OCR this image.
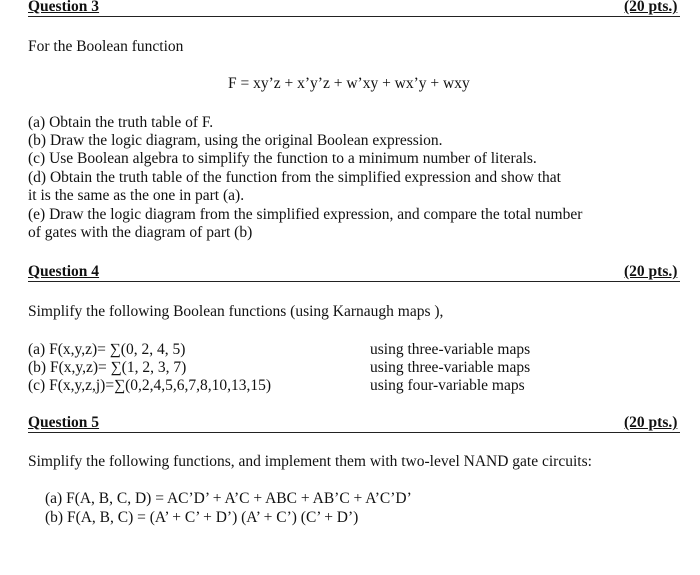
Question 3	(20 pts.)
For the Boolean function
F = xy’z + x’y’z + w’xy + wx’y + wxy
(a) Obtain the truth table of F.
(b) Draw the logic diagram, using the original Boolean expression.
(c) Use Boolean algebra to simplify the function to a minimum number of literals.
(d) Obtain the truth table of the function from the simplified expression and show that
it is the same as the one in part (a).
(e) Draw the logic diagram from the simplified expression, and compare the total number
of gates with the diagram of part (b)
Question 4	(20 pts.)
Simplify the following Boolean functions (using Karnaugh maps ),
(a) F(x,y,z)= ∑(0, 2, 4, 5)	using three-variable maps
(b) F(x,y,z)= ∑(1, 2, 3, 7)	using three-variable maps
(c) F(x,y,z,j)=∑(0,2,4,5,6,7,8,10,13,15)	using four-variable maps
Question 5	(20 pts.)
Simplify the following functions, and implement them with two-level NAND gate circuits:
(a) F(A, B, C, D) = AC’D’ + A’C + ABC + AB’C + A’C’D’
(b) F(A, B, C) = (A’ + C’ + D’) (A’ + C’) (C’ + D’)
